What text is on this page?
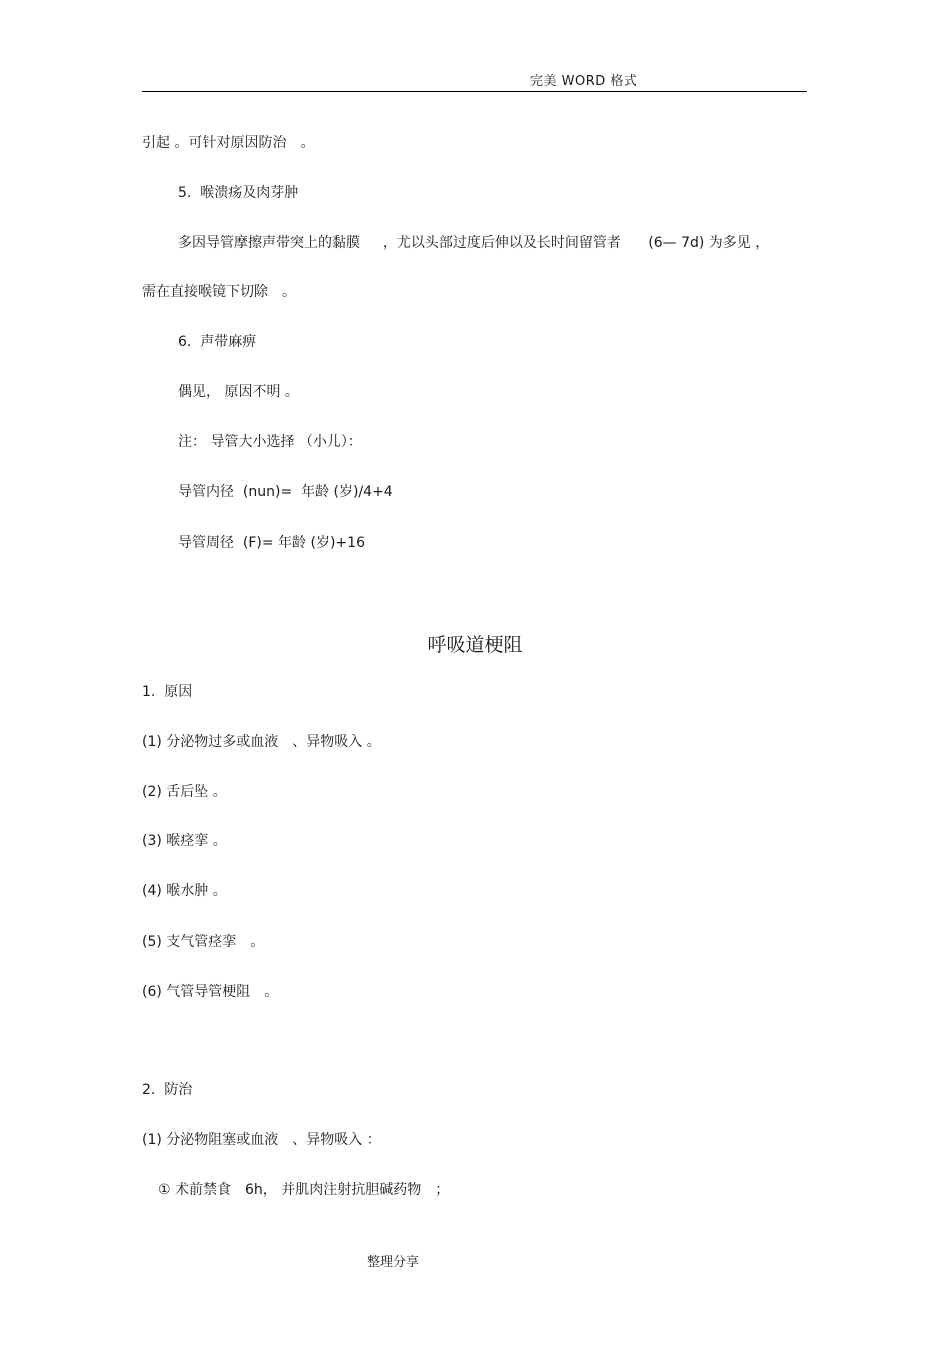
完美 WORD 格式
引起 。可针对原因防治　。
5.  喉溃疡及肉芽肿
多因导管摩擦声带突上的黏膜　  ，尤以头部过度后伸以及长时间留管者　   (6— 7d) 为多见 ，
需在直接喉镜下切除　。
6.  声带麻痹
偶见， 原因不明 。
注： 导管大小选择 （小儿）：
导管内径  (nun)=  年龄 (岁)/4+4
导管周径  (F)= 年龄 (岁)+16
呼吸道梗阻
1.  原因
(1) 分泌物过多或血液　、异物吸入 。
(2) 舌后坠 。
(3) 喉痉挛 。
(4) 喉水肿 。
(5) 支气管痉挛　。
(6) 气管导管梗阻　。
2.  防治
(1) 分泌物阻塞或血液　、异物吸入 ：
① 术前禁食　6h， 并肌肉注射抗胆碱药物　；
整理分享
